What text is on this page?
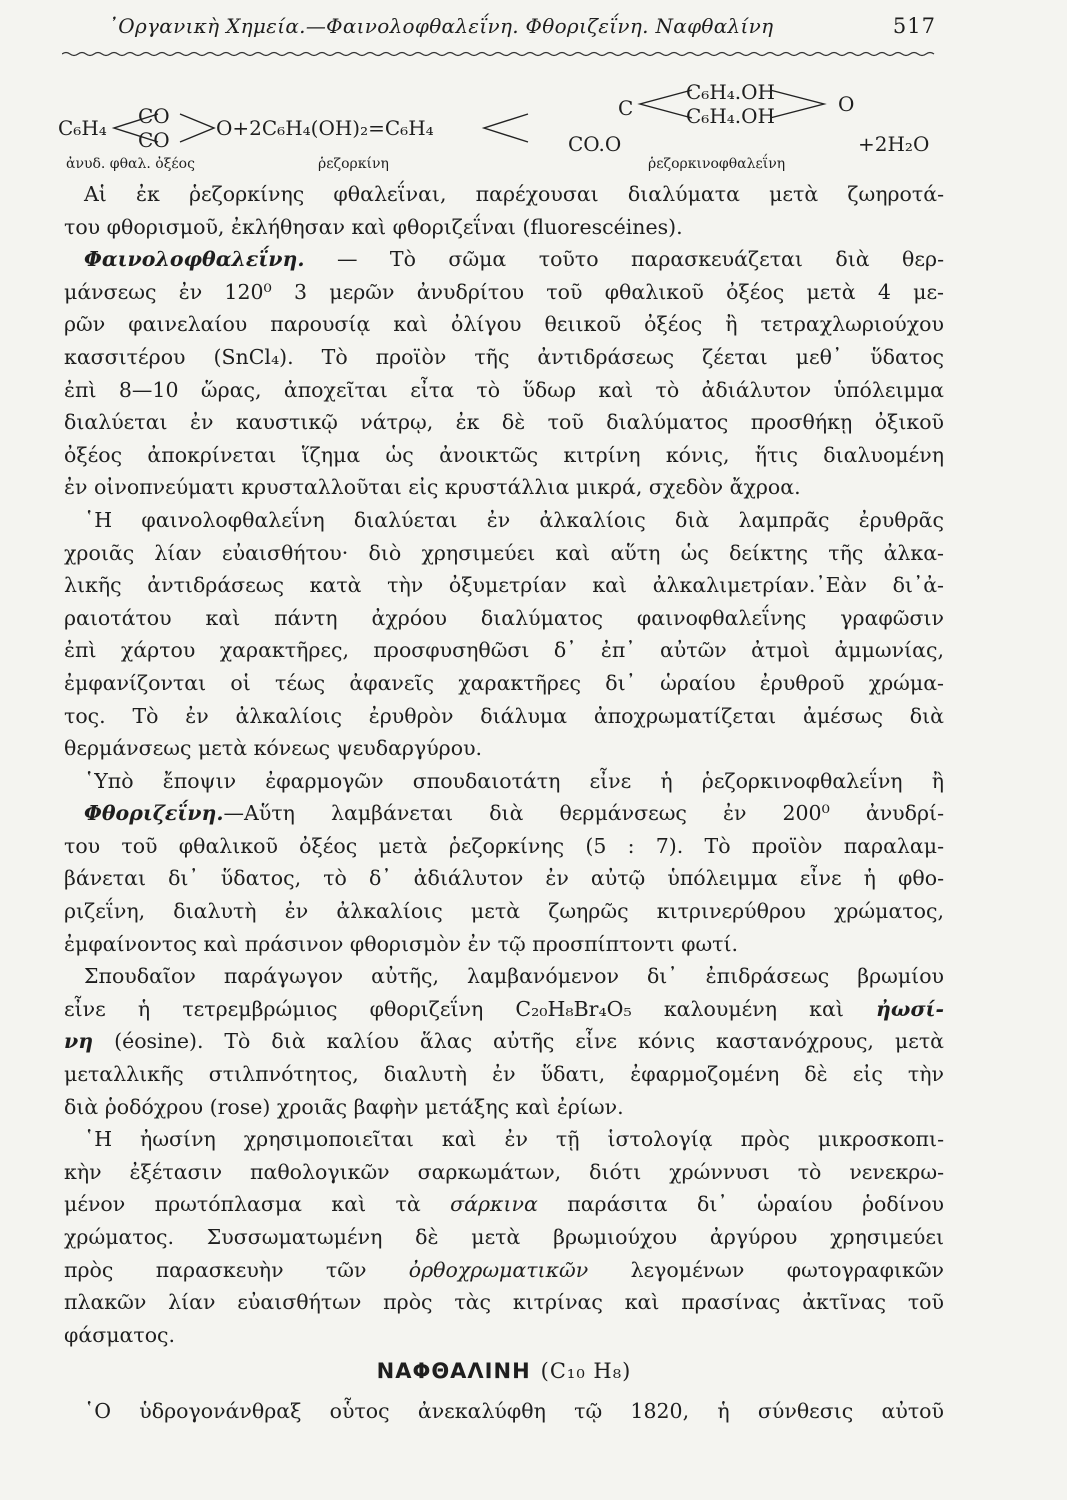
᾽Οργανικὴ Χημεία.—Φαινολοφθαλεΐνη. Φθοριζεΐνη. Ναφθαλίνη	517
C₆H₄ CO
CO O+2C₆H₄(OH)₂=C₆H₄
C
C₆H₄.OH
C₆H₄.OH	O
CO.O	+2H₂O
ἀνυδ. φθαλ. ὀξέος	ῥεζορκίνη	ῥεζορκινοφθαλεΐνη
Αἱ ἐκ ῥεζορκίνης φθαλεΐναι, παρέχουσαι διαλύματα μετὰ ζωηροτά-
του φθορισμοῦ, ἐκλήθησαν καὶ φθοριζεΐναι (fluorescéines).
Φαινολοφθαλεΐνη. — Τὸ σῶμα τοῦτο παρασκευάζεται διὰ θερ-
μάνσεως ἐν 120⁰ 3 μερῶν ἀνυδρίτου τοῦ φθαλικοῦ ὀξέος μετὰ 4 με-
ρῶν φαινελαίου παρουσίᾳ καὶ ὀλίγου θειικοῦ ὀξέος ἢ τετραχλωριούχου
κασσιτέρου (SnCl₄). Τὸ προϊὸν τῆς ἀντιδράσεως ζέεται μεθ᾽ ὕδατος
ἐπὶ 8—10 ὥρας, ἀποχεῖται εἶτα τὸ ὕδωρ καὶ τὸ ἀδιάλυτον ὑπόλειμμα
διαλύεται ἐν καυστικῷ νάτρῳ, ἐκ δὲ τοῦ διαλύματος προσθήκῃ ὀξικοῦ
ὀξέος ἀποκρίνεται ἵζημα ὡς ἀνοικτῶς κιτρίνη κόνις, ἥτις διαλυομένη
ἐν οἰνοπνεύματι κρυσταλλοῦται εἰς κρυστάλλια μικρά, σχεδὸν ἄχροα.
῾Η φαινολοφθαλεΐνη διαλύεται ἐν ἀλκαλίοις διὰ λαμπρᾶς ἐρυθρᾶς
χροιᾶς λίαν εὐαισθήτου· διὸ χρησιμεύει καὶ αὕτη ὡς δείκτης τῆς ἀλκα-
λικῆς ἀντιδράσεως κατὰ τὴν ὀξυμετρίαν καὶ ἀλκαλιμετρίαν.᾽Εὰν δι᾽ἀ-
ραιοτάτου καὶ πάντη ἀχρόου διαλύματος φαινοφθαλεΐνης γραφῶσιν
ἐπὶ χάρτου χαρακτῆρες, προσφυσηθῶσι δ᾽ ἐπ᾽ αὐτῶν ἀτμοὶ ἀμμωνίας,
ἐμφανίζονται οἱ τέως ἀφανεῖς χαρακτῆρες δι᾽ ὡραίου ἐρυθροῦ χρώμα-
τος. Τὸ ἐν ἀλκαλίοις ἐρυθρὸν διάλυμα ἀποχρωματίζεται ἀμέσως διὰ
θερμάνσεως μετὰ κόνεως ψευδαργύρου.
῾Υπὸ ἔποψιν ἐφαρμογῶν σπουδαιοτάτη εἶνε ἡ ῥεζορκινοφθαλεΐνη ἢ
Φθοριζεΐνη.—Αὕτη λαμβάνεται διὰ θερμάνσεως ἐν 200⁰ ἀνυδρί-
του τοῦ φθαλικοῦ ὀξέος μετὰ ῥεζορκίνης (5 : 7). Τὸ προϊὸν παραλαμ-
βάνεται δι᾽ ὕδατος, τὸ δ᾽ ἀδιάλυτον ἐν αὐτῷ ὑπόλειμμα εἶνε ἡ φθο-
ριζεΐνη, διαλυτὴ ἐν ἀλκαλίοις μετὰ ζωηρῶς κιτρινερύθρου χρώματος,
ἐμφαίνοντος καὶ πράσινον φθορισμὸν ἐν τῷ προσπίπτοντι φωτί.
Σπουδαῖον παράγωγον αὐτῆς, λαμβανόμενον δι᾽ ἐπιδράσεως βρωμίου
εἶνε ἡ τετρεμβρώμιος φθοριζεΐνη C₂₀H₈Br₄O₅ καλουμένη καὶ ἠωσί-
νη (éosine). Τὸ διὰ καλίου ἅλας αὐτῆς εἶνε κόνις καστανόχρους, μετὰ
μεταλλικῆς στιλπνότητος, διαλυτὴ ἐν ὕδατι, ἐφαρμοζομένη δὲ εἰς τὴν
διὰ ῥοδόχρου (rose) χροιᾶς βαφὴν μετάξης καὶ ἐρίων.
῾Η ἠωσίνη χρησιμοποιεῖται καὶ ἐν τῇ ἱστολογίᾳ πρὸς μικροσκοπι-
κὴν ἐξέτασιν παθολογικῶν σαρκωμάτων, διότι χρώννυσι τὸ νενεκρω-
μένον πρωτόπλασμα καὶ τὰ σάρκινα παράσιτα δι᾽ ὡραίου ῥοδίνου
χρώματος. Συσσωματωμένη δὲ μετὰ βρωμιούχου ἀργύρου χρησιμεύει
πρὸς παρασκευὴν τῶν ὀρθοχρωματικῶν λεγομένων φωτογραφικῶν
πλακῶν λίαν εὐαισθήτων πρὸς τὰς κιτρίνας καὶ πρασίνας ἀκτῖνας τοῦ
φάσματος.
ΝΑΦΘΑΛΙΝΗ (C₁₀ H₈)
῾Ο ὑδρογονάνθραξ οὗτος ἀνεκαλύφθη τῷ 1820, ἡ σύνθεσις αὐτοῦ
